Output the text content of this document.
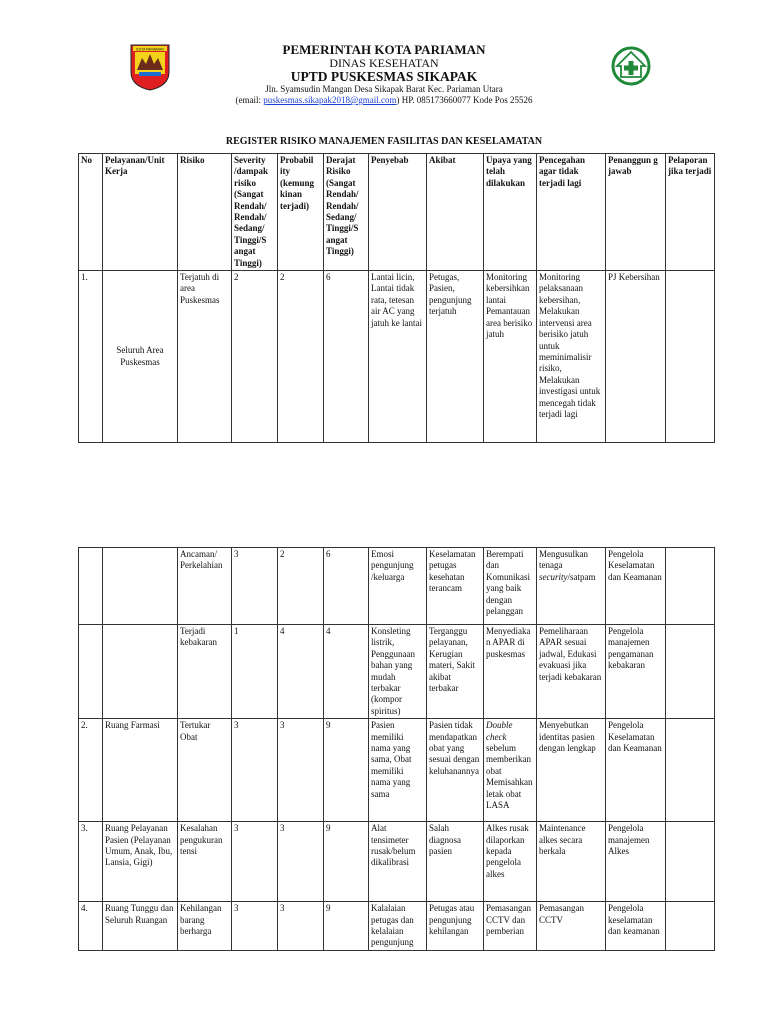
KOTA PARIAMAN	PEMERINTAH KOTA PARIAMAN
DINAS KESEHATAN
UPTD PUSKESMAS SIKAPAK
Jln. Syamsudin Mangan Desa Sikapak Barat Kec. Pariaman Utara
(email: puskesmas.sikapak2018@gmail.com) HP. 085173660077 Kode Pos 25526
REGISTER RISIKO MANAJEMEN FASILITAS DAN KESELAMATAN
No	Pelayanan/Unit Kerja	Risiko	Severity /dampak risiko (Sangat Rendah/ Rendah/ Sedang/ Tinggi/S angat Tinggi)	Probabil ity (kemung kinan terjadi)	Derajat Risiko (Sangat Rendah/ Rendah/ Sedang/ Tinggi/S angat Tinggi)	Penyebab	Akibat	Upaya yang telah dilakukan	Pencegahan agar tidak terjadi lagi	Penanggun g jawab	Pelaporan jika terjadi
1.	Seluruh Area Puskesmas	Terjatuh di area Puskesmas	2	2	6	Lantai licin, Lantai tidak rata, tetesan air AC yang jatuh ke lantai	Petugas, Pasien, pengunjung terjatuh	Monitoring kebersihkan lantai Pemantauan area berisiko jatuh	Monitoring pelaksanaan kebersihan, Melakukan intervensi area berisiko jatuh untuk meminimalisir risiko, Melakukan investigasi untuk mencegah tidak terjadi lagi	PJ Kebersihan	
		Ancaman/ Perkelahian	3	2	6	Emosi pengunjung /keluarga	Keselamatan petugas kesehatan terancam	Berempati dan Komunikasi yang baik dengan pelanggan	Mengusulkan tenaga security/satpam	Pengelola Keselamatan dan Keamanan	
		Terjadi kebakaran	1	4	4	Konsleting listrik, Penggunaan bahan yang mudah terbakar (kompor spiritus)	Terganggu pelayanan, Kerugian materi, Sakit akibat terbakar	Menyediakan APAR di puskesmas	Pemeliharaan APAR sesuai jadwal, Edukasi evakuasi jika terjadi kebakaran	Pengelola manajemen pengamanan kebakaran	
2.	Ruang Farmasi	Tertukar Obat	3	3	9	Pasien memiliki nama yang sama, Obat memiliki nama yang sama	Pasien tidak mendapatkan obat yang sesuai dengan keluhanannya	Double check sebelum memberikan obat Memisahkan letak obat LASA	Menyebutkan identitas pasien dengan lengkap	Pengelola Keselamatan dan Keamanan	
3.	Ruang Pelayanan Pasien (Pelayanan Umum, Anak, Ibu, Lansia, Gigi)	Kesalahan pengukuran tensi	3	3	9	Alat tensimeter rusak/belum dikalibrasi	Salah diagnosa pasien	Alkes rusak dilaporkan kepada pengelola alkes	Maintenance alkes secara berkala	Pengelola manajemen Alkes	
4.	Ruang Tunggu dan Seluruh Ruangan	Kehilangan barang berharga	3	3	9	Kalalaian petugas dan kelalaian pengunjung	Petugas atau pengunjung kehilangan	Pemasangan CCTV dan pemberian	Pemasangan CCTV	Pengelola keselamatan dan keamanan	
